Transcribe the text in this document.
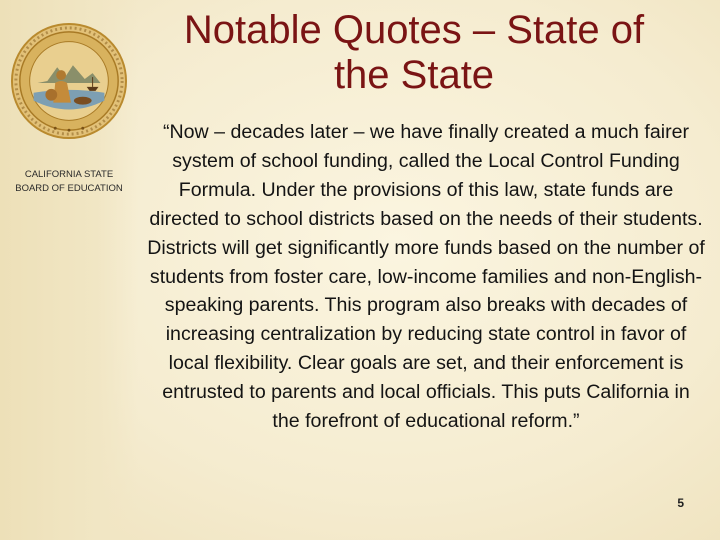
CALIFORNIA STATE
BOARD OF EDUCATION
Notable Quotes – State of
the State
“Now – decades later – we have finally created a much fairer system of school funding, called the Local Control Funding Formula. Under the provisions of this law, state funds are directed to school districts based on the needs of their students. Districts will get significantly more funds based on the number of students from foster care, low-income families and non-English-speaking parents. This program also breaks with decades of increasing centralization by reducing state control in favor of local flexibility. Clear goals are set, and their enforcement is entrusted to parents and local officials. This puts California in the forefront of educational reform.”
5
